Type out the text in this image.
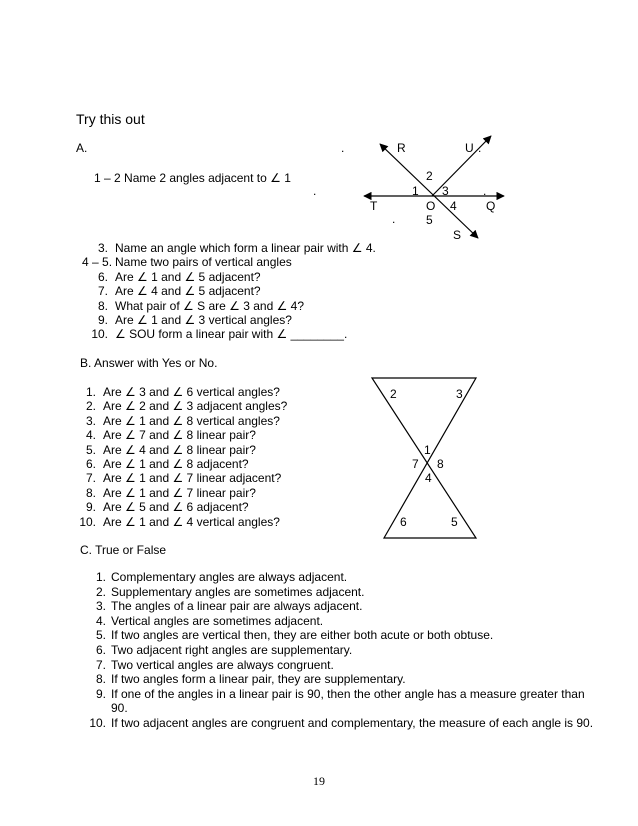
Try this out
A.	.
1 – 2 Name 2 angles adjacent to ∠ 1
.
.
3. Name an angle which form a linear pair with ∠ 4.
4 – 5. Name two pairs of vertical angles
6. Are ∠ 1 and ∠ 5 adjacent?
7. Are ∠ 4 and ∠ 5 adjacent?
8. What pair of ∠ S are ∠ 3 and ∠ 4?
9. Are ∠ 1 and ∠ 3 vertical angles?
10. ∠ SOU form a linear pair with ∠ ________.
B. Answer with Yes or No.
1. Are ∠ 3 and ∠ 6 vertical angles?
2. Are ∠ 2 and ∠ 3 adjacent angles?
3. Are ∠ 1 and ∠ 8 vertical angles?
4. Are ∠ 7 and ∠ 8 linear pair?
5. Are ∠ 4 and ∠ 8 linear pair?
6. Are ∠ 1 and ∠ 8 adjacent?
7. Are ∠ 1 and ∠ 7 linear adjacent?
8. Are ∠ 1 and ∠ 7 linear pair?
9. Are ∠ 5 and ∠ 6 adjacent?
10. Are ∠ 1 and ∠ 4 vertical angles?
C. True or False
1. Complementary angles are always adjacent.
2. Supplementary angles are sometimes adjacent.
3. The angles of a linear pair are always adjacent.
4. Vertical angles are sometimes adjacent.
5. If two angles are vertical then, they are either both acute or both obtuse.
6. Two adjacent right angles are supplementary.
7. Two vertical angles are always congruent.
8. If two angles form a linear pair, they are supplementary.
9. If one of the angles in a linear pair is 90, then the other angle has a measure greater than 90.
10. If two adjacent angles are congruent and complementary, the measure of each angle is 90.
19
R	U .
2
1 3	.
T	O 4 Q
5
S
2	3
1
7 8
4
6	5
